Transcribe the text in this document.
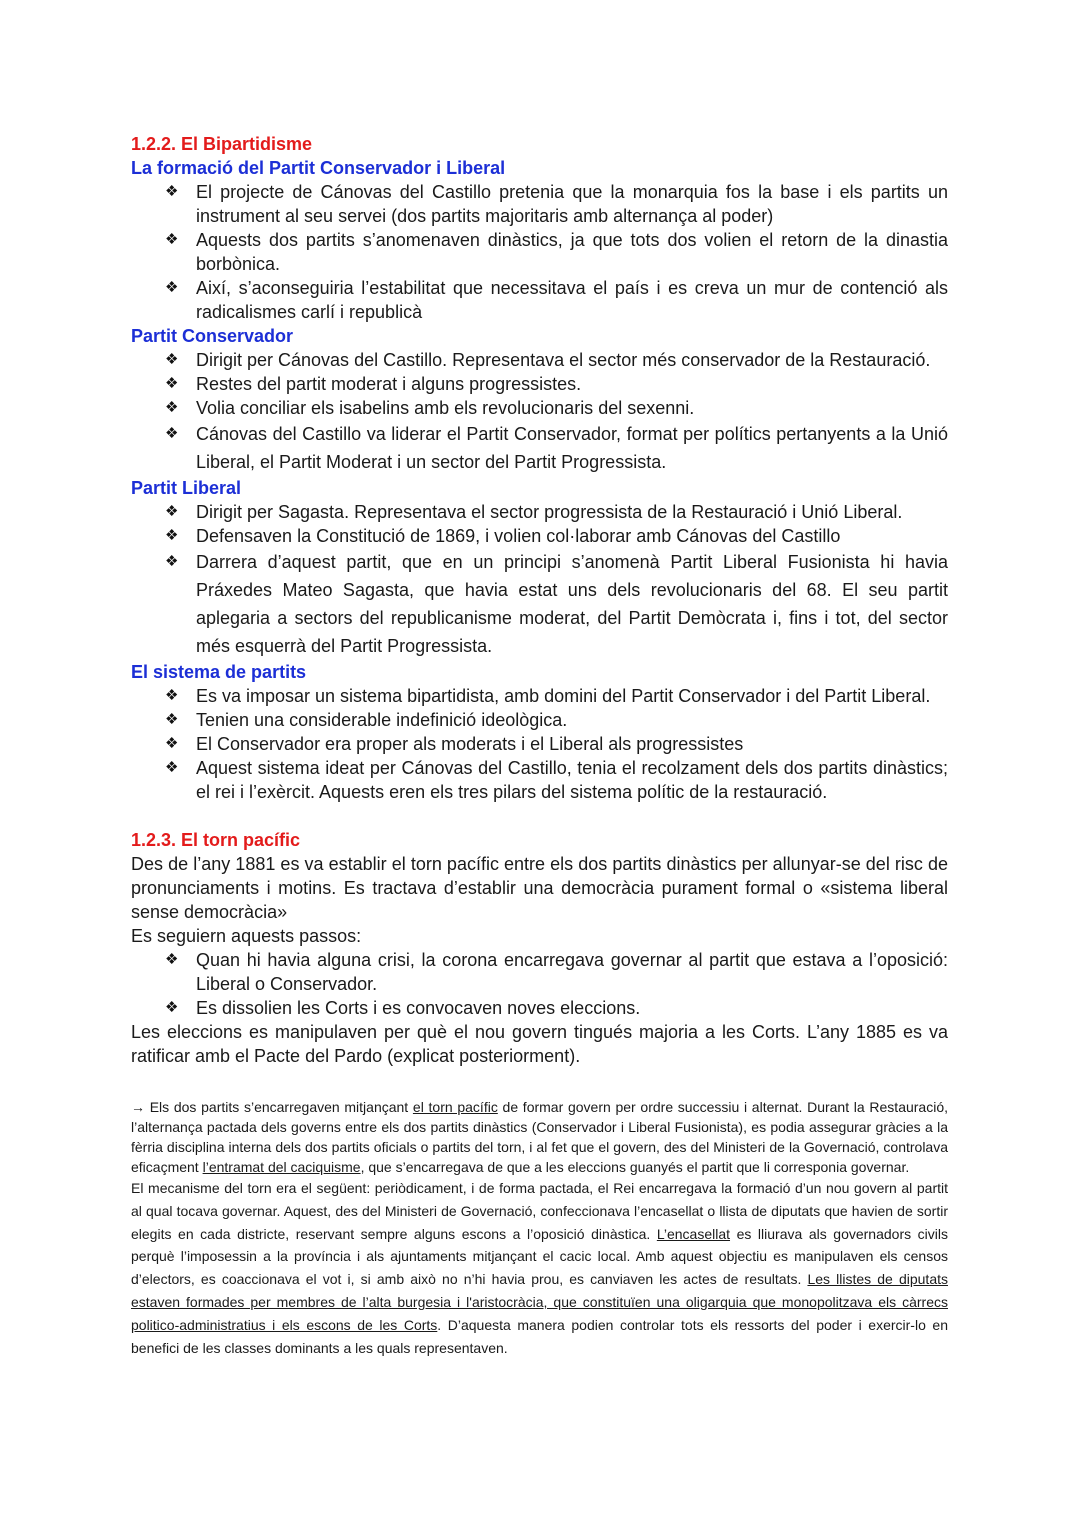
1.2.2. El Bipartidisme
La formació del Partit Conservador i Liberal
❖ El projecte de Cánovas del Castillo pretenia que la monarquia fos la base i els partits un instrument al seu servei (dos partits majoritaris amb alternança al poder)
❖ Aquests dos partits s’anomenaven dinàstics, ja que tots dos volien el retorn de la dinastia borbònica.
❖ Així, s’aconseguiria l’estabilitat que necessitava el país i es creva un mur de contenció als radicalismes carlí i republicà
Partit Conservador
❖ Dirigit per Cánovas del Castillo. Representava el sector més conservador de la Restauració.
❖ Restes del partit moderat i alguns progressistes.
❖ Volia conciliar els isabelins amb els revolucionaris del sexenni.
❖ Cánovas del Castillo va liderar el Partit Conservador, format per polítics pertanyents a la Unió Liberal, el Partit Moderat i un sector del Partit Progressista.
Partit Liberal
❖ Dirigit per Sagasta. Representava el sector progressista de la Restauració i Unió Liberal.
❖ Defensaven la Constitució de 1869, i volien col·laborar amb Cánovas del Castillo
❖ Darrera d’aquest partit, que en un principi s’anomenà Partit Liberal Fusionista hi havia Práxedes Mateo Sagasta, que havia estat uns dels revolucionaris del 68. El seu partit aplegaria a sectors del republicanisme moderat, del Partit Demòcrata i, fins i tot, del sector més esquerrà del Partit Progressista.
El sistema de partits
❖ Es va imposar un sistema bipartidista, amb domini del Partit Conservador i del Partit Liberal.
❖ Tenien una considerable indefinició ideològica.
❖ El Conservador era proper als moderats i el Liberal als progressistes
❖ Aquest sistema ideat per Cánovas del Castillo, tenia el recolzament dels dos partits dinàstics; el rei i l’exèrcit. Aquests eren els tres pilars del sistema polític de la restauració.
1.2.3. El torn pacífic

Des de l’any 1881 es va establir el torn pacífic entre els dos partits dinàstics per allunyar-se del risc de pronunciaments i motins. Es tractava d’establir una democràcia purament formal o «sistema liberal sense democràcia»

Es seguiern aquests passos:

❖ Quan hi havia alguna crisi, la corona encarregava governar al partit que estava a l’oposició: Liberal o Conservador.
❖ Es dissolien les Corts i es convocaven noves eleccions.

Les eleccions es manipulaven per què el nou govern tingués majoria a les Corts. L’any 1885 es va ratificar amb el Pacte del Pardo (explicat posteriorment).

→ Els dos partits s’encarregaven mitjançant el torn pacífic de formar govern per ordre successiu i alternat. Durant la Restauració, l’alternança pactada dels governs entre els dos partits dinàstics (Conservador i Liberal Fusionista), es podia assegurar gràcies a la fèrria disciplina interna dels dos partits oficials o partits del torn, i al fet que el govern, des del Ministeri de la Governació, controlava eficaçment l’entramat del caciquisme, que s’encarregava de que a les eleccions guanyés el partit que li corresponia governar.

El mecanisme del torn era el següent: periòdicament, i de forma pactada, el Rei encarregava la formació d’un nou govern al partit al qual tocava governar. Aquest, des del Ministeri de Governació, confeccionava l’encasellat o llista de diputats que havien de sortir elegits en cada districte, reservant sempre alguns escons a l’oposició dinàstica. L’encasellat es lliurava als governadors civils perquè l’imposessin a la província i als ajuntaments mitjançant el cacic local. Amb aquest objectiu es manipulaven els censos d’electors, es coaccionava el vot i, si amb això no n’hi havia prou, es canviaven les actes de resultats. Les llistes de diputats estaven formades per membres de l’alta burgesia i l'aristocràcia, que constituïen una oligarquia que monopolitzava els càrrecs politico-administratius i els escons de les Corts. D’aquesta manera podien controlar tots els ressorts del poder i exercir-lo en benefici de les classes dominants a les quals representaven.
